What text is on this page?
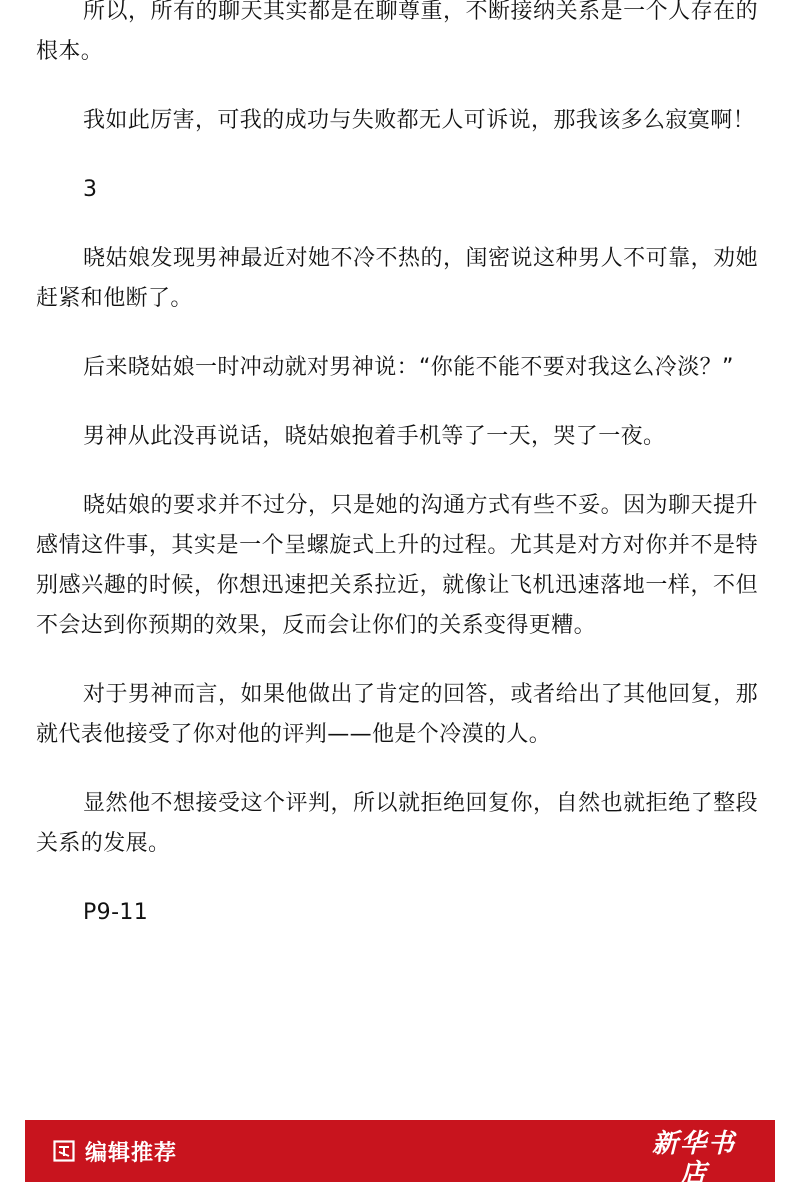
所以，所有的聊天其实都是在聊尊重，不断接纳关系是一个人存在的根本。

我如此厉害，可我的成功与失败都无人可诉说，那我该多么寂寞啊！

3

晓姑娘发现男神最近对她不冷不热的，闺密说这种男人不可靠，劝她赶紧和他断了。

后来晓姑娘一时冲动就对男神说：“你能不能不要对我这么冷淡？”

男神从此没再说话，晓姑娘抱着手机等了一天，哭了一夜。

晓姑娘的要求并不过分，只是她的沟通方式有些不妥。因为聊天提升感情这件事，其实是一个呈螺旋式上升的过程。尤其是对方对你并不是特别感兴趣的时候，你想迅速把关系拉近，就像让飞机迅速落地一样，不但不会达到你预期的效果，反而会让你们的关系变得更糟。

对于男神而言，如果他做出了肯定的回答，或者给出了其他回复，那就代表他接受了你对他的评判——他是个冷漠的人。

显然他不想接受这个评判，所以就拒绝回复你，自然也就拒绝了整段关系的发展。

P9-11

编辑推荐	新华书店
XINHUA BOOKSTORE
